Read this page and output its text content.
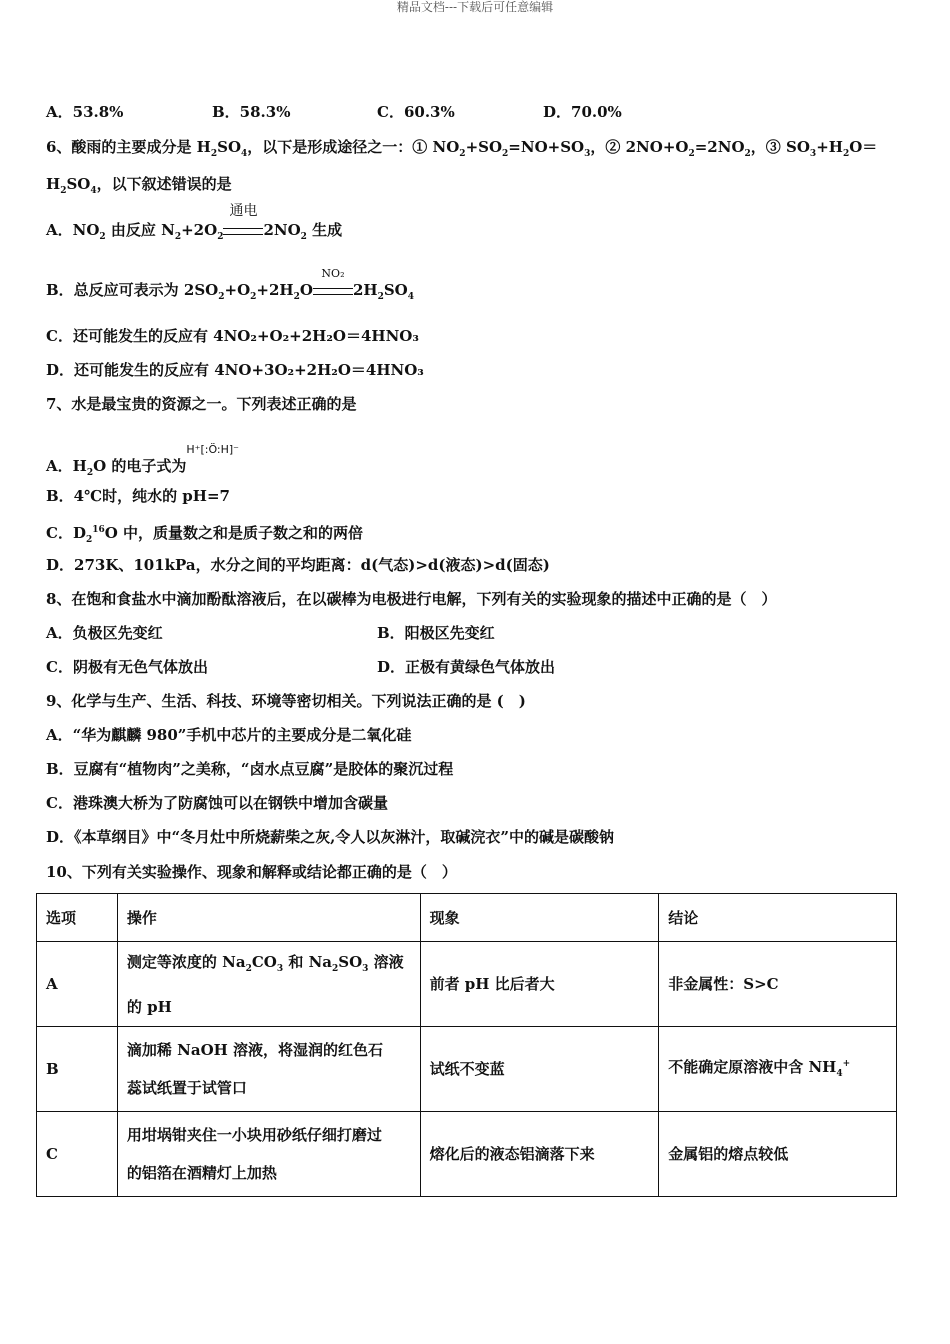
精品文档---下载后可任意编辑
A．53.8%	B．58.3%	C．60.3%	D．70.0%
6、酸雨的主要成分是 $H_2SO_4$，以下是形成途径之一：① $NO_2+SO_2=NO+SO_3$，② $2NO+O_2=2NO_2$，③ $SO_3+H_2O=$
$H_2SO_4$，以下叙述错误的是
A．$NO_2$ 由反应 $N_2+2O_2$
通电
$2NO_2$ 生成
B．总反应可表示为 $2SO_2+O_2+2H_2O$
NO₂
$2H_2SO_4$
C．还可能发生的反应有 4NO₂+O₂+2H₂O＝4HNO₃
D．还可能发生的反应有 4NO+3O₂+2H₂O＝4HNO₃
7、水是最宝贵的资源之一。下列表述正确的是
A．$H_2O$ 的电子式为H⁺[:Ö:H]⁻
B．4℃时，纯水的 pH=7
C．$D_2^{16}O$ 中，质量数之和是质子数之和的两倍
D．273K、101kPa，水分之间的平均距离：d(气态)>d(液态)>d(固态)
8、在饱和食盐水中滴加酚酞溶液后，在以碳棒为电极进行电解，下列有关的实验现象的描述中正确的是（　）
A．负极区先变红	B．阳极区先变红
C．阴极有无色气体放出	D．正极有黄绿色气体放出
9、化学与生产、生活、科技、环境等密切相关。下列说法正确的是 (　)
A．“华为麒麟 980”手机中芯片的主要成分是二氧化硅
B．豆腐有“植物肉”之美称，“卤水点豆腐”是胶体的聚沉过程
C．港珠澳大桥为了防腐蚀可以在钢铁中增加含碳量
D．《本草纲目》中“冬月灶中所烧薪柴之灰,令人以灰淋汁，取碱浣衣”中的碱是碳酸钠
10、下列有关实验操作、现象和解释或结论都正确的是（　）
选项	操作	现象	结论
A	测定等浓度的 $Na_2CO_3$ 和 $Na_2SO_3$ 溶液
的 pH	前者 pH 比后者大	非金属性：S>C
B	滴加稀 NaOH 溶液，将湿润的红色石
蕊试纸置于试管口	试纸不变蓝	不能确定原溶液中含 $NH_4^+$
C	用坩埚钳夹住一小块用砂纸仔细打磨过
的铝箔在酒精灯上加热	熔化后的液态铝滴落下来	金属铝的熔点较低
